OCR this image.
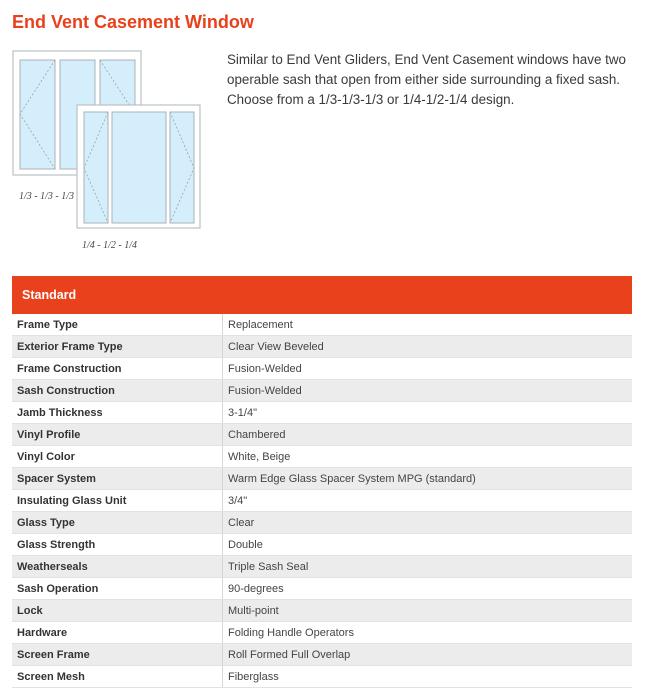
End Vent Casement Window
1/3 - 1/3 - 1/3
1/4 - 1/2 - 1/4

Similar to End Vent Gliders, End Vent Casement windows have two operable sash that open from either side surrounding a fixed sash. Choose from a 1/3-1/3-1/3 or 1/4-1/2-1/4 design.

Standard	
Frame Type	Replacement
Exterior Frame Type	Clear View Beveled
Frame Construction	Fusion-Welded
Sash Construction	Fusion-Welded
Jamb Thickness	3-1/4"
Vinyl Profile	Chambered
Vinyl Color	White, Beige
Spacer System	Warm Edge Glass Spacer System MPG (standard)
Insulating Glass Unit	3/4"
Glass Type	Clear
Glass Strength	Double
Weatherseals	Triple Sash Seal
Sash Operation	90-degrees
Lock	Multi-point
Hardware	Folding Handle Operators
Screen Frame	Roll Formed Full Overlap
Screen Mesh	Fiberglass
